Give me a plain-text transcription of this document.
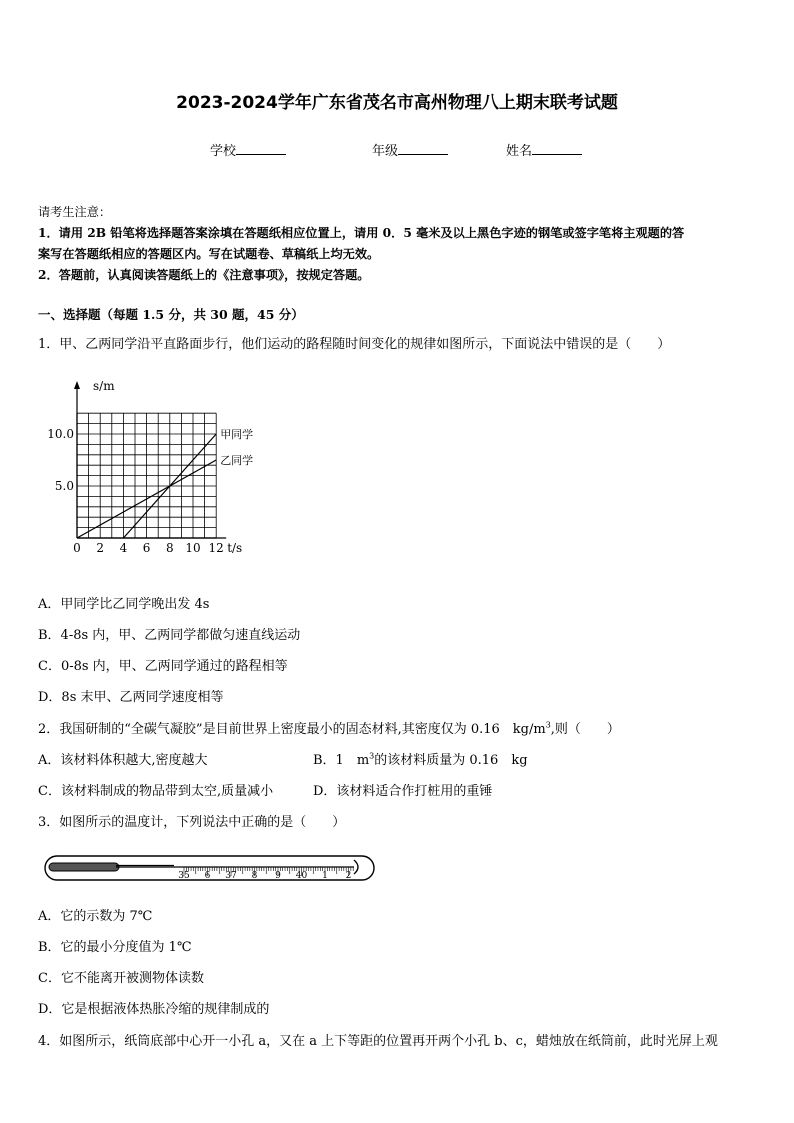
2023-2024学年广东省茂名市高州物理八上期末联考试题
学校	年级	姓名
请考生注意：
1．请用 2B 铅笔将选择题答案涂填在答题纸相应位置上，请用 0．5 毫米及以上黑色字迹的钢笔或签字笔将主观题的答
案写在答题纸相应的答题区内。写在试题卷、草稿纸上均无效。
2．答题前，认真阅读答题纸上的《注意事项》，按规定答题。
一、选择题（每题 1.5 分，共 30 题，45 分）
1．甲、乙两同学沿平直路面步行，他们运动的路程随时间变化的规律如图所示，下面说法中错误的是（　　）
甲同学
乙同学
0 2 4 6 8 10 12
5.0
10.0
t/s
s/m
A．甲同学比乙同学晚出发 4s
B．4-8s 内，甲、乙两同学都做匀速直线运动
C．0-8s 内，甲、乙两同学通过的路程相等
D．8s 末甲、乙两同学速度相等
2．我国研制的“全碳气凝胶”是目前世界上密度最小的固态材料,其密度仅为 0.16　$kg/m^3$,则（　　）
A．该材料体积越大,密度越大	B．1　$m^3$的该材料质量为 0.16　kg
C．该材料制成的物品带到太空,质量减小	D．该材料适合作打桩用的重锤
3．如图所示的温度计，下列说法中正确的是（　　）
35 6 37 8 9 40 1 2
A．它的示数为 7℃
B．它的最小分度值为 1℃
C．它不能离开被测物体读数
D．它是根据液体热胀冷缩的规律制成的
4．如图所示，纸筒底部中心开一小孔 a，又在 a 上下等距的位置再开两个小孔 b、c，蜡烛放在纸筒前，此时光屏上观
